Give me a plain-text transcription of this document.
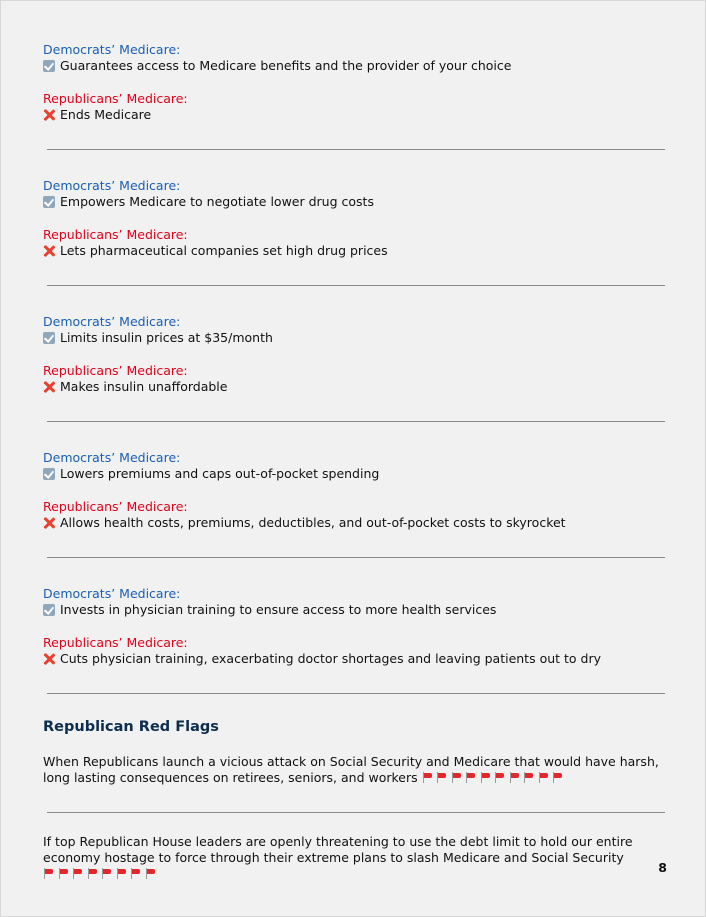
Democrats’ Medicare:

Guarantees access to Medicare benefits and the provider of your choice

Republicans’ Medicare:

Ends Medicare

Democrats’ Medicare:

Empowers Medicare to negotiate lower drug costs

Republicans’ Medicare:

Lets pharmaceutical companies set high drug prices

Democrats’ Medicare:

Limits insulin prices at $35/month

Republicans’ Medicare:

Makes insulin unaffordable

Democrats’ Medicare:

Lowers premiums and caps out-of-pocket spending

Republicans’ Medicare:

Allows health costs, premiums, deductibles, and out-of-pocket costs to skyrocket

Democrats’ Medicare:

Invests in physician training to ensure access to more health services

Republicans’ Medicare:

Cuts physician training, exacerbating doctor shortages and leaving patients out to dry

Republican Red Flags

When Republicans launch a vicious attack on Social Security and Medicare that would have harsh, long lasting consequences on retirees, seniors, and workers

If top Republican House leaders are openly threatening to use the debt limit to hold our entire economy hostage to force through their extreme plans to slash Medicare and Social Security

8
